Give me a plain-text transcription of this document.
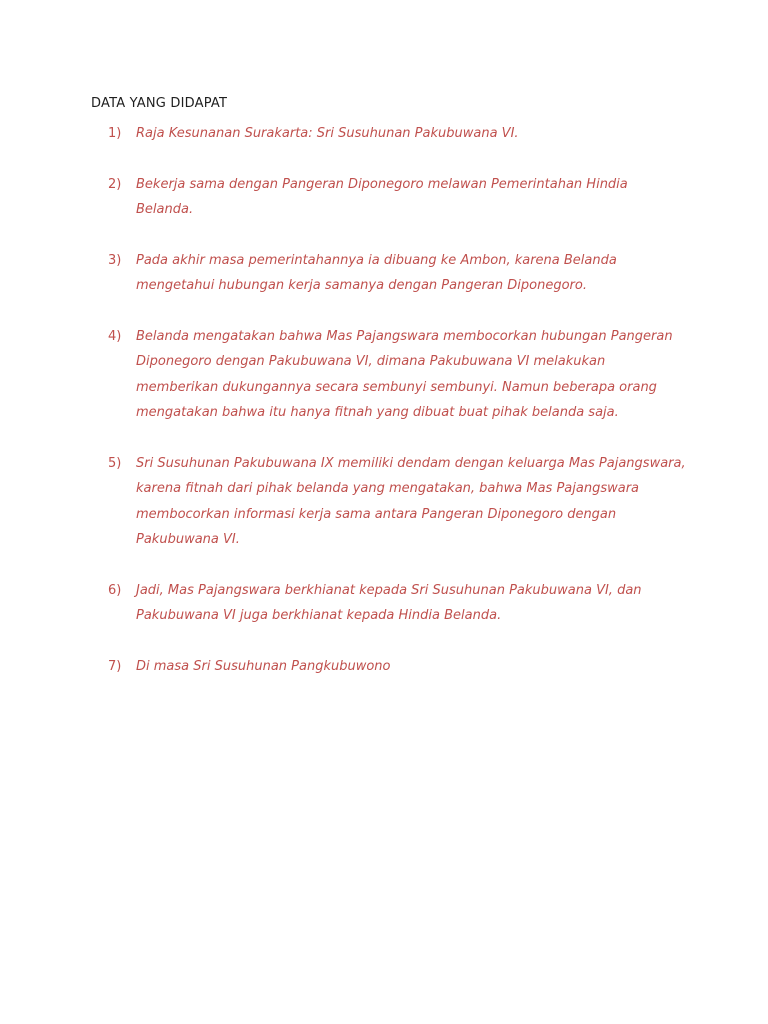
DATA YANG DIDAPAT
1)	Raja Kesunanan Surakarta: Sri Susuhunan Pakubuwana VI.
2)	Bekerja sama dengan Pangeran Diponegoro melawan Pemerintahan Hindia Belanda.
3)	Pada akhir masa pemerintahannya ia dibuang ke Ambon, karena Belanda mengetahui hubungan kerja samanya dengan Pangeran Diponegoro.
4)	Belanda mengatakan bahwa Mas Pajangswara membocorkan hubungan Pangeran Diponegoro dengan Pakubuwana VI, dimana Pakubuwana VI melakukan memberikan dukungannya secara sembunyi sembunyi. Namun beberapa orang mengatakan bahwa itu hanya fitnah yang dibuat buat pihak belanda saja.
5)	Sri Susuhunan Pakubuwana IX memiliki dendam dengan keluarga Mas Pajangswara, karena fitnah dari pihak belanda yang mengatakan, bahwa Mas Pajangswara membocorkan informasi kerja sama antara Pangeran Diponegoro dengan Pakubuwana VI.
6)	Jadi, Mas Pajangswara berkhianat kepada Sri Susuhunan Pakubuwana VI, dan Pakubuwana VI juga berkhianat kepada Hindia Belanda.
7)	Di masa Sri Susuhunan Pangkubuwono
